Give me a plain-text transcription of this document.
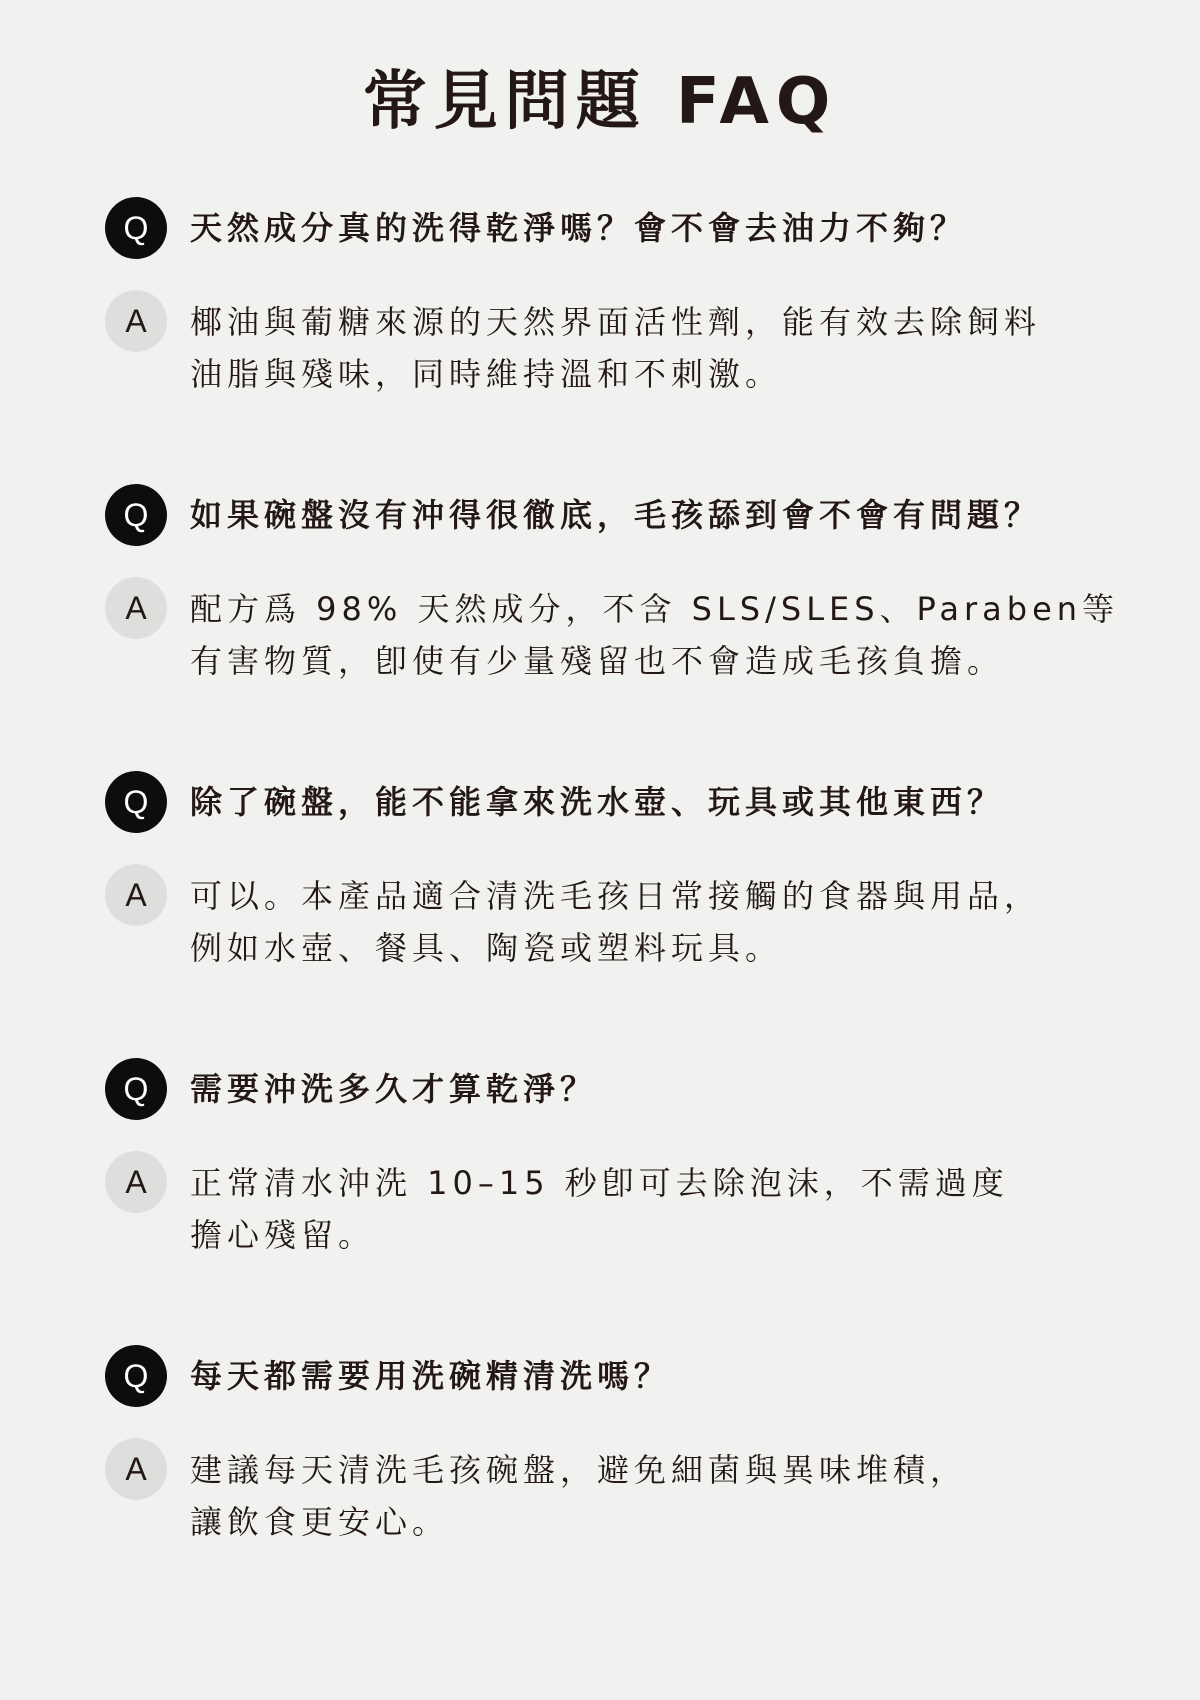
常見問題 FAQ
Q	天然成分真的洗得乾淨嗎？會不會去油力不夠？
A	椰油與葡糖來源的天然界面活性劑，能有效去除飼料
油脂與殘味，同時維持溫和不刺激。
Q	如果碗盤沒有沖得很徹底，毛孩舔到會不會有問題？
A	配方爲 98% 天然成分，不含 SLS/SLES、Paraben等
有害物質，卽使有少量殘留也不會造成毛孩負擔。
Q	除了碗盤，能不能拿來洗水壺、玩具或其他東西？
A	可以。本產品適合清洗毛孩日常接觸的食器與用品，
例如水壺、餐具、陶瓷或塑料玩具。
Q	需要沖洗多久才算乾淨？
A	正常清水沖洗 10–15 秒卽可去除泡沫，不需過度
擔心殘留。
Q	每天都需要用洗碗精清洗嗎？
A	建議每天清洗毛孩碗盤，避免細菌與異味堆積，
讓飲食更安心。
